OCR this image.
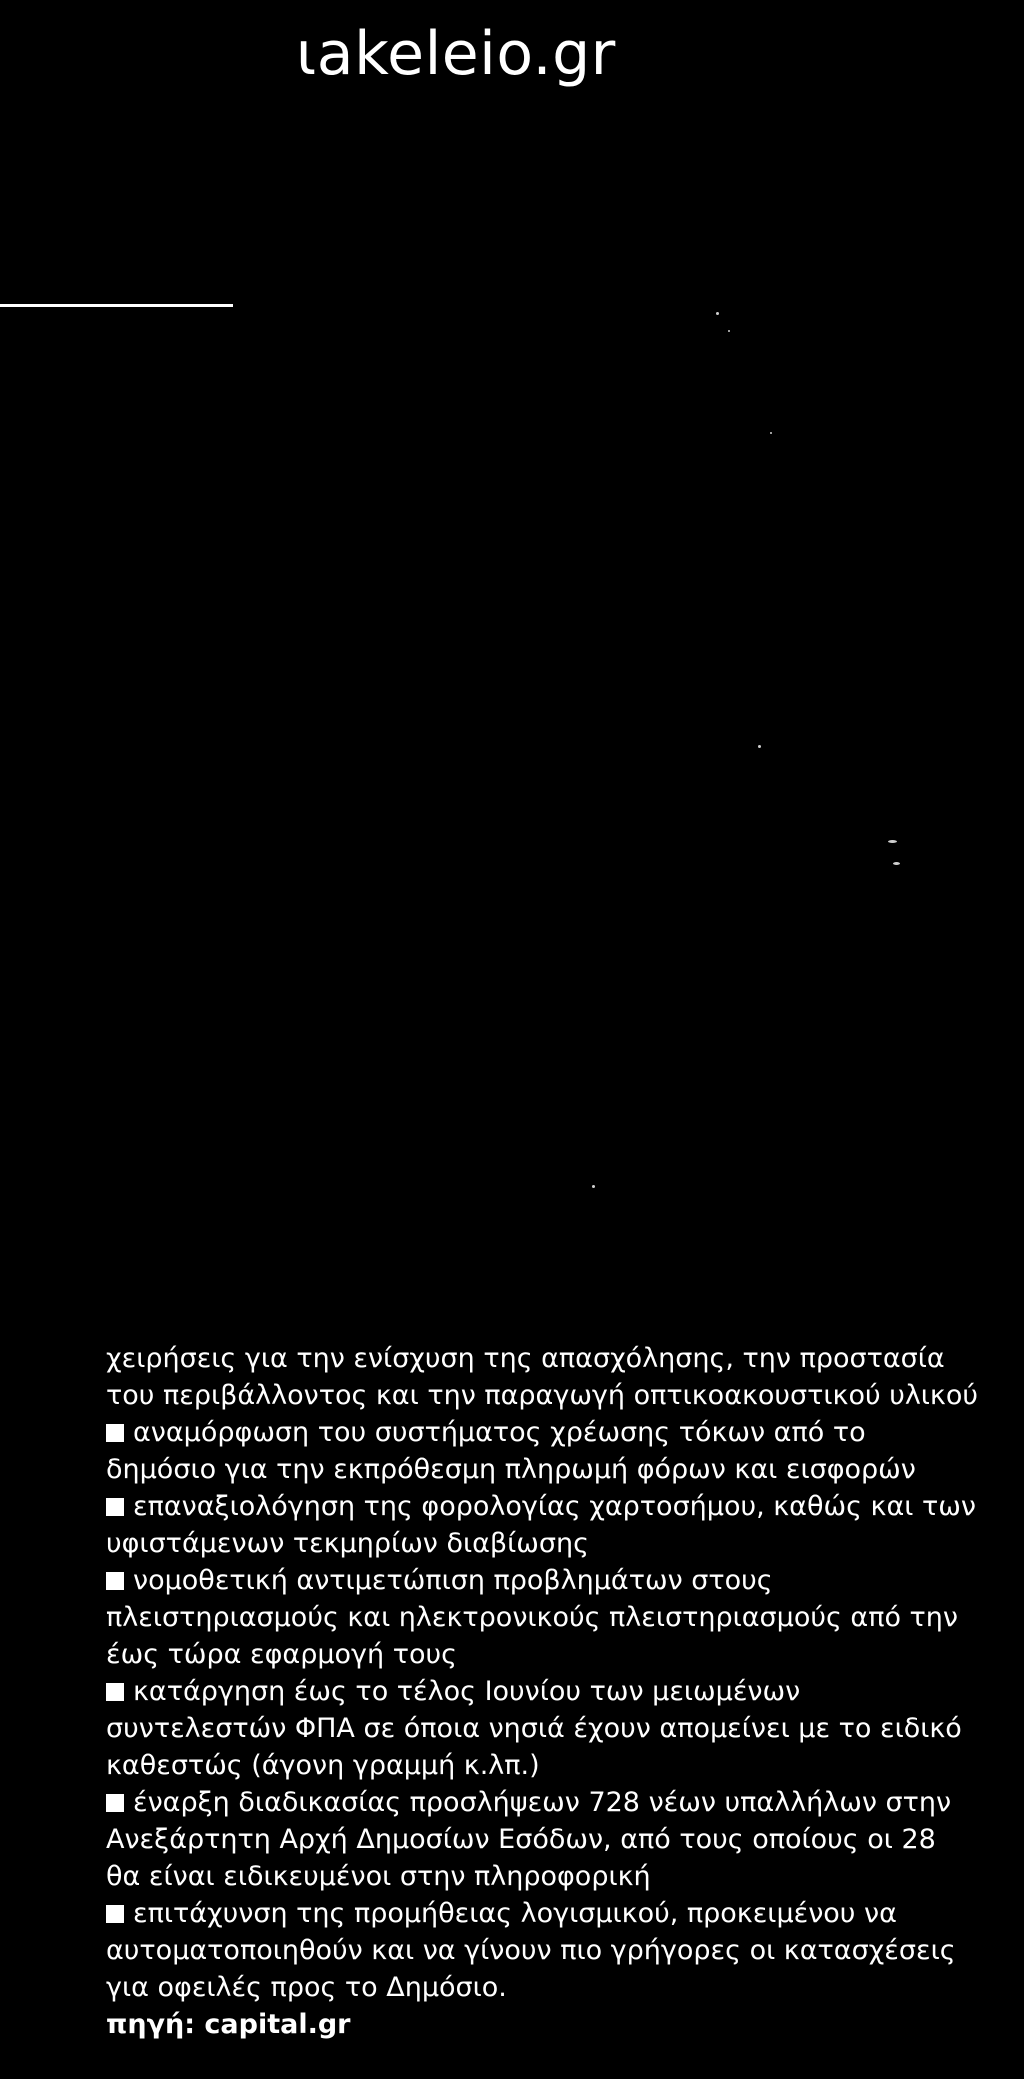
ιakeleio.gr

χειρήσεις για την ενίσχυση της απασχόλησης, την προστασία του περιβάλλοντος και την παραγωγή οπτικοακουστικού υλικού

αναμόρφωση του συστήματος χρέωσης τόκων από το δημόσιο για την εκπρόθεσμη πληρωμή φόρων και εισφορών

επαναξιολόγηση της φορολογίας χαρτοσήμου, καθώς και των υφιστάμενων τεκμηρίων διαβίωσης

νομοθετική αντιμετώπιση προβλημάτων στους πλειστηριασμούς και ηλεκτρονικούς πλειστηριασμούς από την έως τώρα εφαρμογή τους

κατάργηση έως το τέλος Ιουνίου των μειωμένων συντελεστών ΦΠΑ σε όποια νησιά έχουν απομείνει με το ειδικό καθεστώς (άγονη γραμμή κ.λπ.)

έναρξη διαδικασίας προσλήψεων 728 νέων υπαλλήλων στην Ανεξάρτητη Αρχή Δημοσίων Εσόδων, από τους οποίους οι 28 θα είναι ειδικευμένοι στην πληροφορική

επιτάχυνση της προμήθειας λογισμικού, προκειμένου να αυτοματοποιηθούν και να γίνουν πιο γρήγορες οι κατασχέσεις για οφειλές προς το Δημόσιο.

πηγή: capital.gr
